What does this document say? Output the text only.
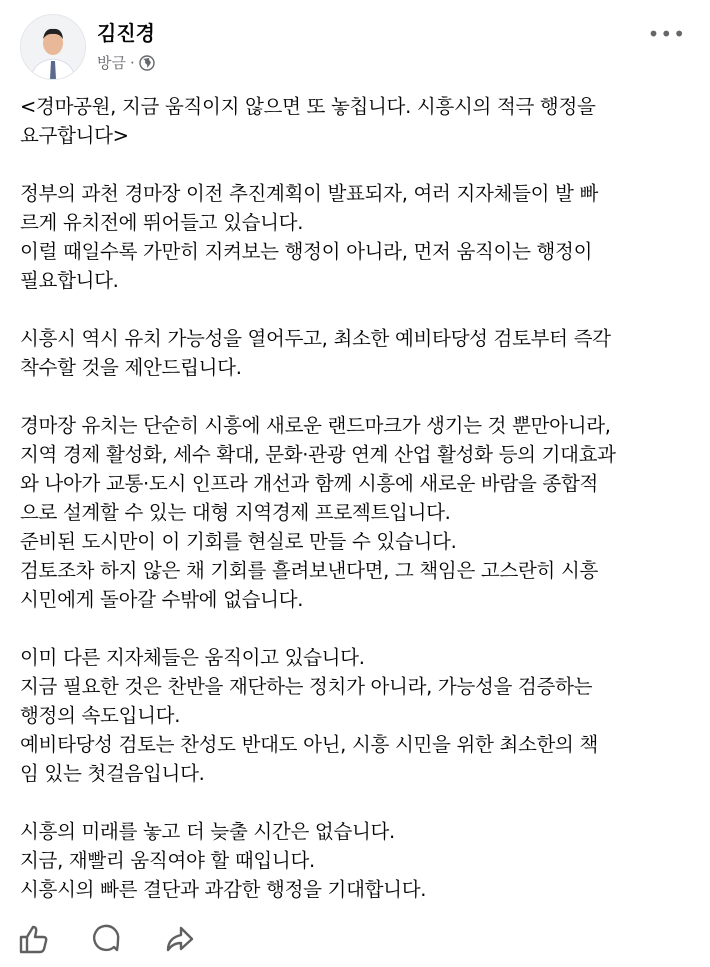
김진경
방금 ·
•••
<경마공원, 지금 움직이지 않으면 또 놓칩니다. 시흥시의 적극 행정을
요구합니다>
정부의 과천 경마장 이전 추진계획이 발표되자, 여러 지자체들이 발 빠
르게 유치전에 뛰어들고 있습니다.
이럴 때일수록 가만히 지켜보는 행정이 아니라, 먼저 움직이는 행정이
필요합니다.
시흥시 역시 유치 가능성을 열어두고, 최소한 예비타당성 검토부터 즉각
착수할 것을 제안드립니다.
경마장 유치는 단순히 시흥에 새로운 랜드마크가 생기는 것 뿐만아니라,
지역 경제 활성화, 세수 확대, 문화·관광 연계 산업 활성화 등의 기대효과
와 나아가 교통·도시 인프라 개선과 함께 시흥에 새로운 바람을 종합적
으로 설계할 수 있는 대형 지역경제 프로젝트입니다.
준비된 도시만이 이 기회를 현실로 만들 수 있습니다.
검토조차 하지 않은 채 기회를 흘려보낸다면, 그 책임은 고스란히 시흥
시민에게 돌아갈 수밖에 없습니다.
이미 다른 지자체들은 움직이고 있습니다.
지금 필요한 것은 찬반을 재단하는 정치가 아니라, 가능성을 검증하는
행정의 속도입니다.
예비타당성 검토는 찬성도 반대도 아닌, 시흥 시민을 위한 최소한의 책
임 있는 첫걸음입니다.
시흥의 미래를 놓고 더 늦출 시간은 없습니다.
지금, 재빨리 움직여야 할 때입니다.
시흥시의 빠른 결단과 과감한 행정을 기대합니다.
